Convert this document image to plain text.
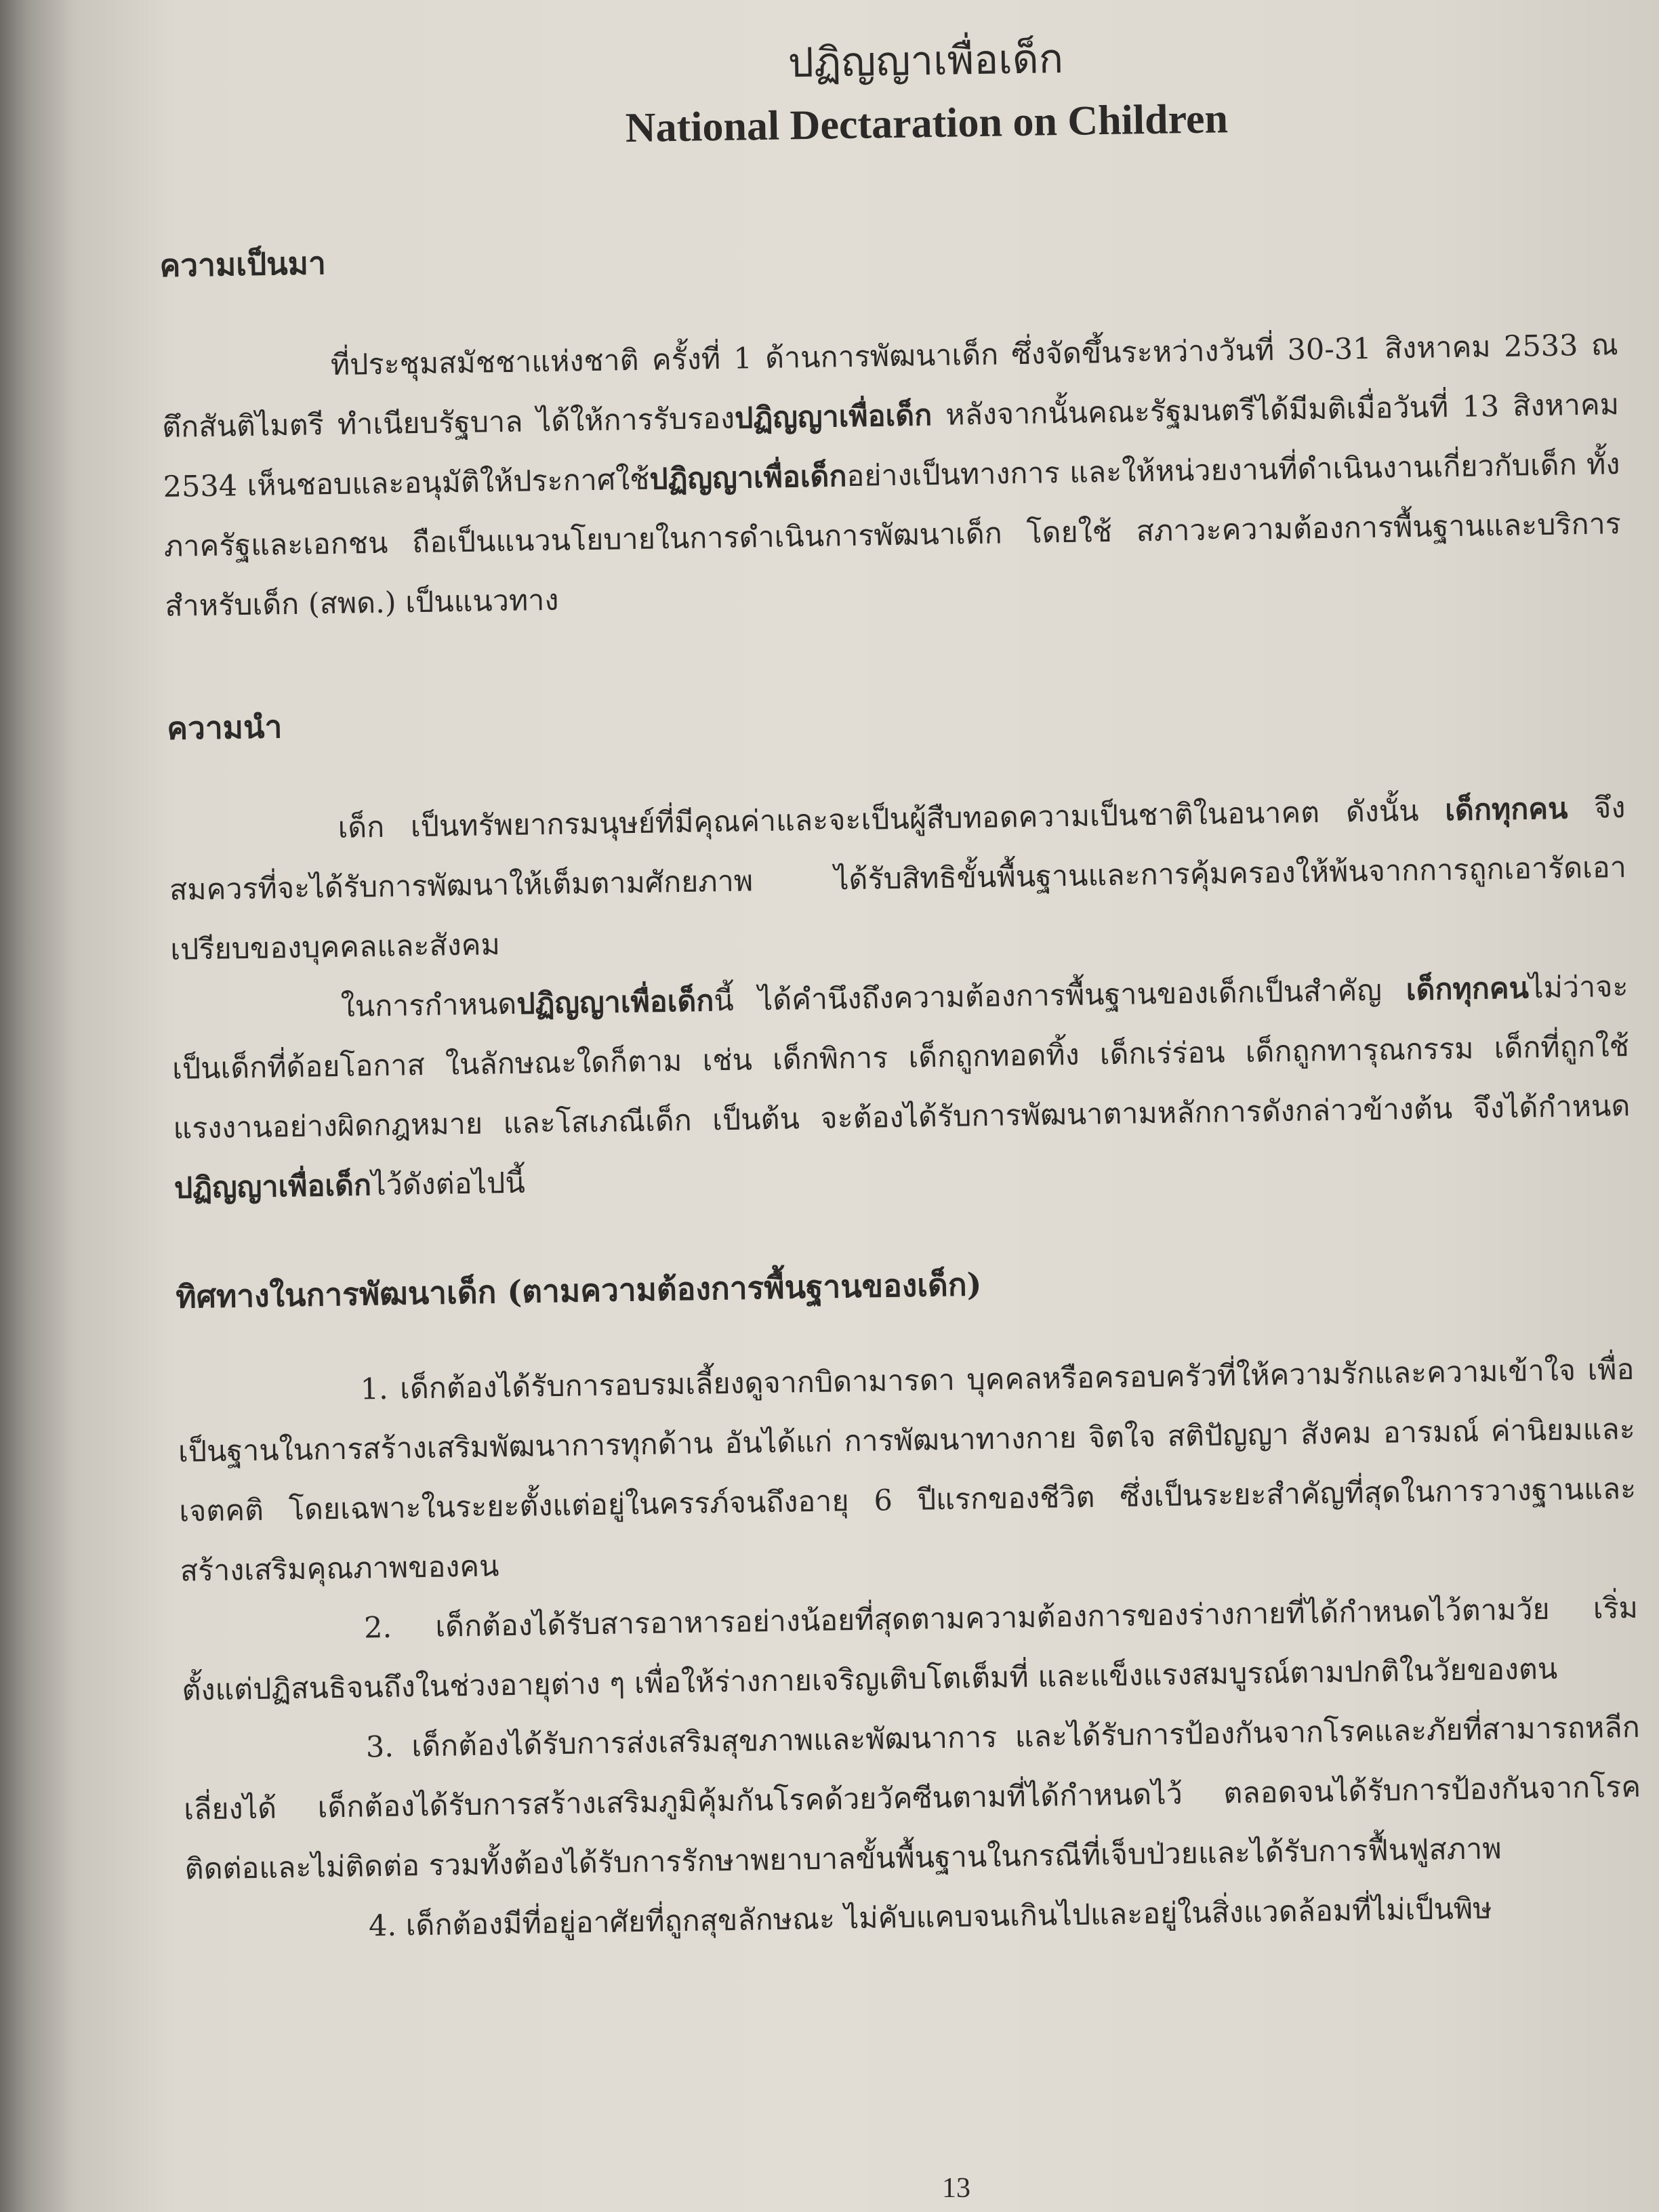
ปฏิญญาเพื่อเด็ก
National Dectaration on Children
ความเป็นมา

ที่ประชุมสมัชชาแห่งชาติ ครั้งที่ 1 ด้านการพัฒนาเด็ก ซึ่งจัดขึ้นระหว่างวันที่ 30-31 สิงหาคม 2533 ณ ตึกสันติไมตรี ทำเนียบรัฐบาล ได้ให้การรับรองปฏิญญาเพื่อเด็ก หลังจากนั้นคณะรัฐมนตรีได้มีมติเมื่อวันที่ 13 สิงหาคม 2534 เห็นชอบและอนุมัติให้ประกาศใช้ปฏิญญาเพื่อเด็กอย่างเป็นทางการ และให้หน่วยงานที่ดำเนินงานเกี่ยวกับเด็ก ทั้งภาครัฐและเอกชน ถือเป็นแนวนโยบายในการดำเนินการพัฒนาเด็ก โดยใช้ สภาวะความต้องการพื้นฐานและบริการสำหรับเด็ก (สพด.) เป็นแนวทาง

ความนำ

เด็ก เป็นทรัพยากรมนุษย์ที่มีคุณค่าและจะเป็นผู้สืบทอดความเป็นชาติในอนาคต ดังนั้น เด็กทุกคน จึงสมควรที่จะได้รับการพัฒนาให้เต็มตามศักยภาพ ได้รับสิทธิขั้นพื้นฐานและการคุ้มครองให้พ้นจากการถูกเอารัดเอาเปรียบของบุคคลและสังคม

ในการกำหนดปฏิญญาเพื่อเด็กนี้ ได้คำนึงถึงความต้องการพื้นฐานของเด็กเป็นสำคัญ เด็กทุกคนไม่ว่าจะเป็นเด็กที่ด้อยโอกาส ในลักษณะใดก็ตาม เช่น เด็กพิการ เด็กถูกทอดทิ้ง เด็กเร่ร่อน เด็กถูกทารุณกรรม เด็กที่ถูกใช้แรงงานอย่างผิดกฎหมาย และโสเภณีเด็ก เป็นต้น จะต้องได้รับการพัฒนาตามหลักการดังกล่าวข้างต้น จึงได้กำหนดปฏิญญาเพื่อเด็กไว้ดังต่อไปนี้

ทิศทางในการพัฒนาเด็ก (ตามความต้องการพื้นฐานของเด็ก)

1. เด็กต้องได้รับการอบรมเลี้ยงดูจากบิดามารดา บุคคลหรือครอบครัวที่ให้ความรักและความเข้าใจ เพื่อเป็นฐานในการสร้างเสริมพัฒนาการทุกด้าน อันได้แก่ การพัฒนาทางกาย จิตใจ สติปัญญา สังคม อารมณ์ ค่านิยมและเจตคติ โดยเฉพาะในระยะตั้งแต่อยู่ในครรภ์จนถึงอายุ 6 ปีแรกของชีวิต ซึ่งเป็นระยะสำคัญที่สุดในการวางฐานและสร้างเสริมคุณภาพของคน

2. เด็กต้องได้รับสารอาหารอย่างน้อยที่สุดตามความต้องการของร่างกายที่ได้กำหนดไว้ตามวัย เริ่มตั้งแต่ปฏิสนธิจนถึงในช่วงอายุต่าง ๆ เพื่อให้ร่างกายเจริญเติบโตเต็มที่ และแข็งแรงสมบูรณ์ตามปกติในวัยของตน

3. เด็กต้องได้รับการส่งเสริมสุขภาพและพัฒนาการ และได้รับการป้องกันจากโรคและภัยที่สามารถหลีกเลี่ยงได้ เด็กต้องได้รับการสร้างเสริมภูมิคุ้มกันโรคด้วยวัคซีนตามที่ได้กำหนดไว้ ตลอดจนได้รับการป้องกันจากโรคติดต่อและไม่ติดต่อ รวมทั้งต้องได้รับการรักษาพยาบาลขั้นพื้นฐานในกรณีที่เจ็บป่วยและได้รับการฟื้นฟูสภาพ

4. เด็กต้องมีที่อยู่อาศัยที่ถูกสุขลักษณะ ไม่คับแคบจนเกินไปและอยู่ในสิ่งแวดล้อมที่ไม่เป็นพิษ

13
